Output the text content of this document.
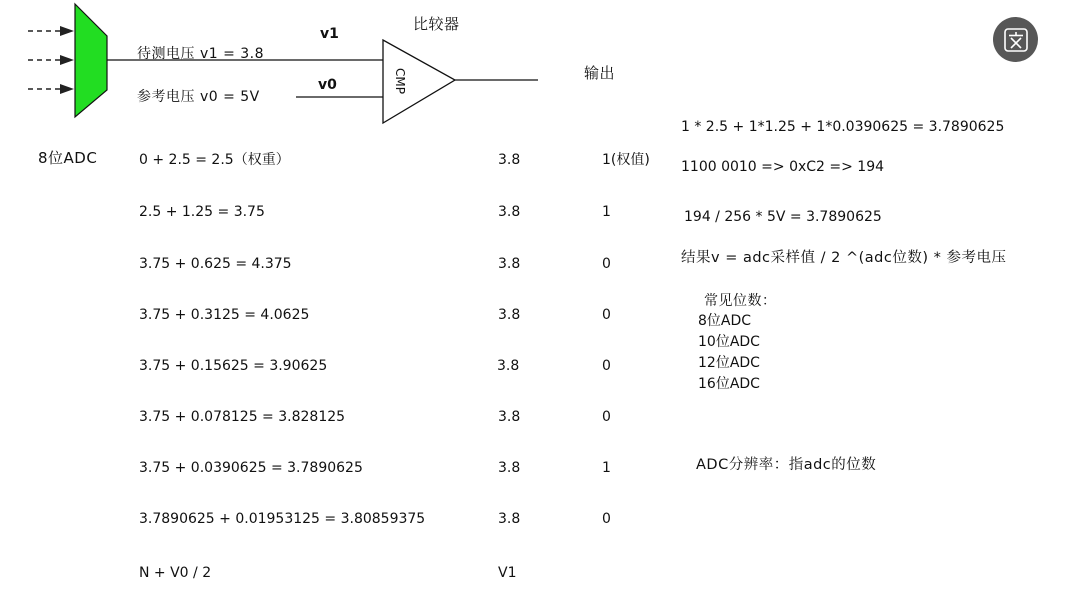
CMP
比较器
v1
v0
待测电压 v1 = 3.8
参考电压 v0 = 5V
输出
8位ADC	0 + 2.5 = 2.5（权重）	3.8	1(权值)
2.5 + 1.25 = 3.75	3.8	1
3.75 + 0.625 = 4.375	3.8	0
3.75 + 0.3125 = 4.0625	3.8	0
3.75 + 0.15625 = 3.90625	3.8	0
3.75 + 0.078125 = 3.828125	3.8	0
3.75 + 0.0390625 = 3.7890625	3.8	1
3.7890625 + 0.01953125 = 3.80859375	3.8	0
N + V0 / 2	V1
1 * 2.5 + 1*1.25 + 1*0.0390625 = 3.7890625
1100 0010 => 0xC2 => 194
194 / 256 * 5V = 3.7890625
结果v = adc采样值 / 2 ^(adc位数) * 参考电压
常见位数：
8位ADC
10位ADC
12位ADC
16位ADC
ADC分辨率：指adc的位数
